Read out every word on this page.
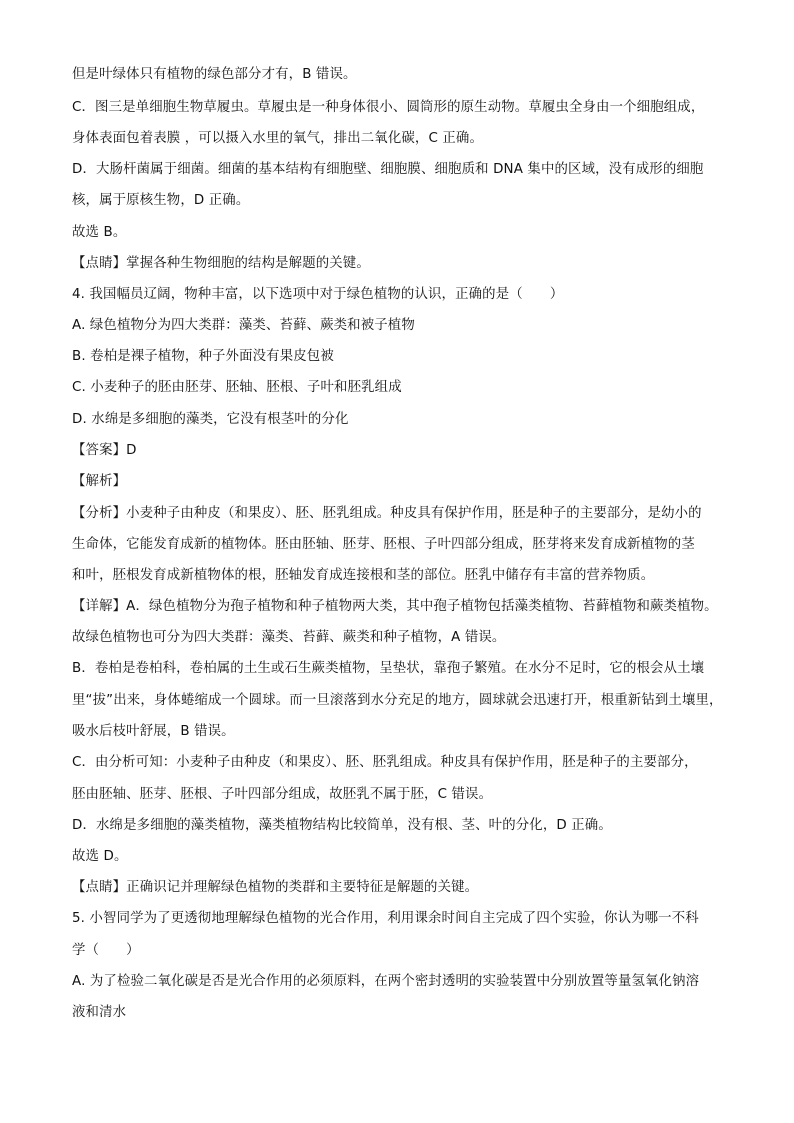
但是叶绿体只有植物的绿色部分才有，B 错误。
C．图三是单细胞生物草履虫。草履虫是一种身体很小、圆筒形的原生动物。草履虫全身由一个细胞组成，
身体表面包着表膜 ，可以摄入水里的氧气，排出二氧化碳，C 正确。
D．大肠杆菌属于细菌。细菌的基本结构有细胞壁、细胞膜、细胞质和 DNA 集中的区域，没有成形的细胞
核，属于原核生物，D 正确。
故选 B。
【点睛】掌握各种生物细胞的结构是解题的关键。
4. 我国幅员辽阔，物种丰富，以下选项中对于绿色植物的认识，正确的是（　　）
A. 绿色植物分为四大类群：藻类、苔藓、蕨类和被子植物
B. 卷柏是裸子植物，种子外面没有果皮包被
C. 小麦种子的胚由胚芽、胚轴、胚根、子叶和胚乳组成
D. 水绵是多细胞的藻类，它没有根茎叶的分化
【答案】D
【解析】
【分析】小麦种子由种皮（和果皮）、胚、胚乳组成。种皮具有保护作用，胚是种子的主要部分，是幼小的
生命体，它能发育成新的植物体。胚由胚轴、胚芽、胚根、子叶四部分组成，胚芽将来发育成新植物的茎
和叶，胚根发育成新植物体的根，胚轴发育成连接根和茎的部位。胚乳中储存有丰富的营养物质。
【详解】A．绿色植物分为孢子植物和种子植物两大类，其中孢子植物包括藻类植物、苔藓植物和蕨类植物。
故绿色植物也可分为四大类群：藻类、苔藓、蕨类和种子植物，A 错误。
B．卷柏是卷柏科，卷柏属的土生或石生蕨类植物，呈垫状，靠孢子繁殖。在水分不足时，它的根会从土壤
里“拔”出来，身体蜷缩成一个圆球。而一旦滚落到水分充足的地方，圆球就会迅速打开，根重新钻到土壤里，
吸水后枝叶舒展，B 错误。
C．由分析可知：小麦种子由种皮（和果皮）、胚、胚乳组成。种皮具有保护作用，胚是种子的主要部分，
胚由胚轴、胚芽、胚根、子叶四部分组成，故胚乳不属于胚，C 错误。
D．水绵是多细胞的藻类植物，藻类植物结构比较简单，没有根、茎、叶的分化，D 正确。
故选 D。
【点睛】正确识记并理解绿色植物的类群和主要特征是解题的关键。
5. 小智同学为了更透彻地理解绿色植物的光合作用，利用课余时间自主完成了四个实验，你认为哪一不科
学（　　）
A. 为了检验二氧化碳是否是光合作用的必须原料，在两个密封透明的实验装置中分别放置等量氢氧化钠溶
液和清水
